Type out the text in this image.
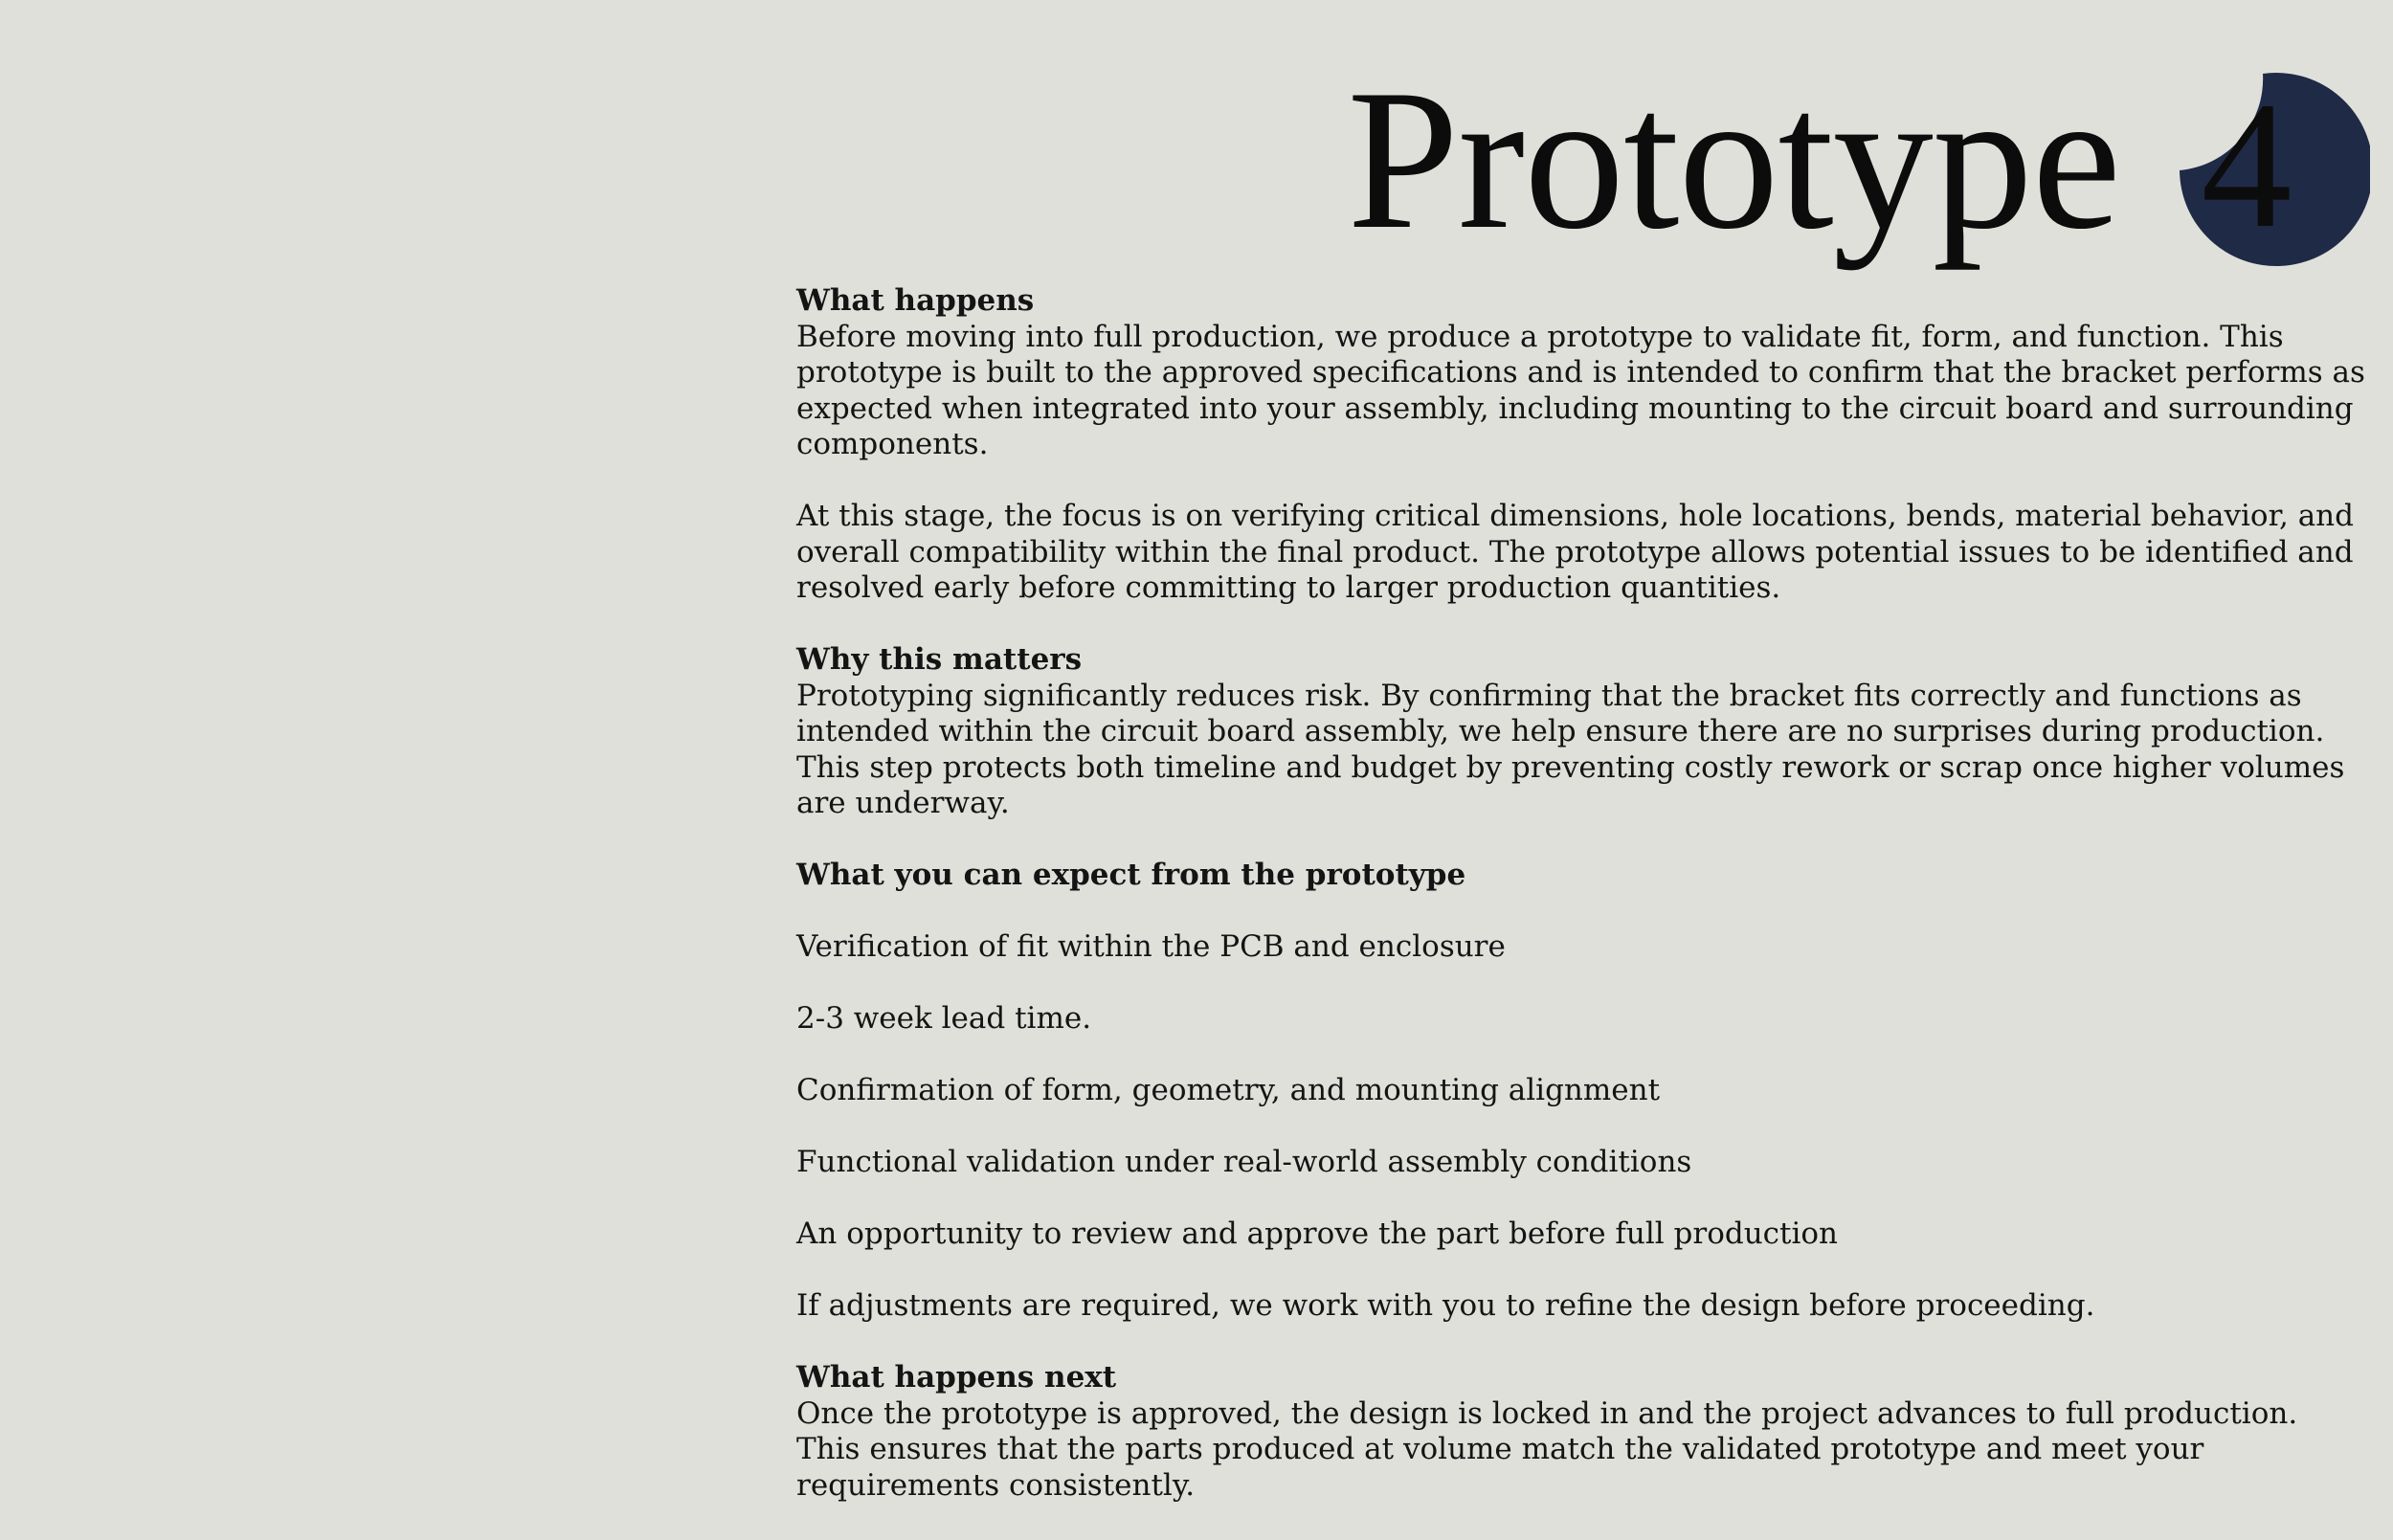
Prototype 4
What happens

Before moving into full production, we produce a prototype to validate fit, form, and function. This prototype is built to the approved specifications and is intended to confirm that the bracket performs as expected when integrated into your assembly, including mounting to the circuit board and surrounding components.

At this stage, the focus is on verifying critical dimensions, hole locations, bends, material behavior, and overall compatibility within the final product. The prototype allows potential issues to be identified and resolved early before committing to larger production quantities.

Why this matters

Prototyping significantly reduces risk. By confirming that the bracket fits correctly and functions as intended within the circuit board assembly, we help ensure there are no surprises during production. This step protects both timeline and budget by preventing costly rework or scrap once higher volumes are underway.

What you can expect from the prototype
Verification of fit within the PCB and enclosure
2-3 week lead time.
Confirmation of form, geometry, and mounting alignment
Functional validation under real-world assembly conditions
An opportunity to review and approve the part before full production
If adjustments are required, we work with you to refine the design before proceeding.
What happens next

Once the prototype is approved, the design is locked in and the project advances to full production. This ensures that the parts produced at volume match the validated prototype and meet your requirements consistently.
